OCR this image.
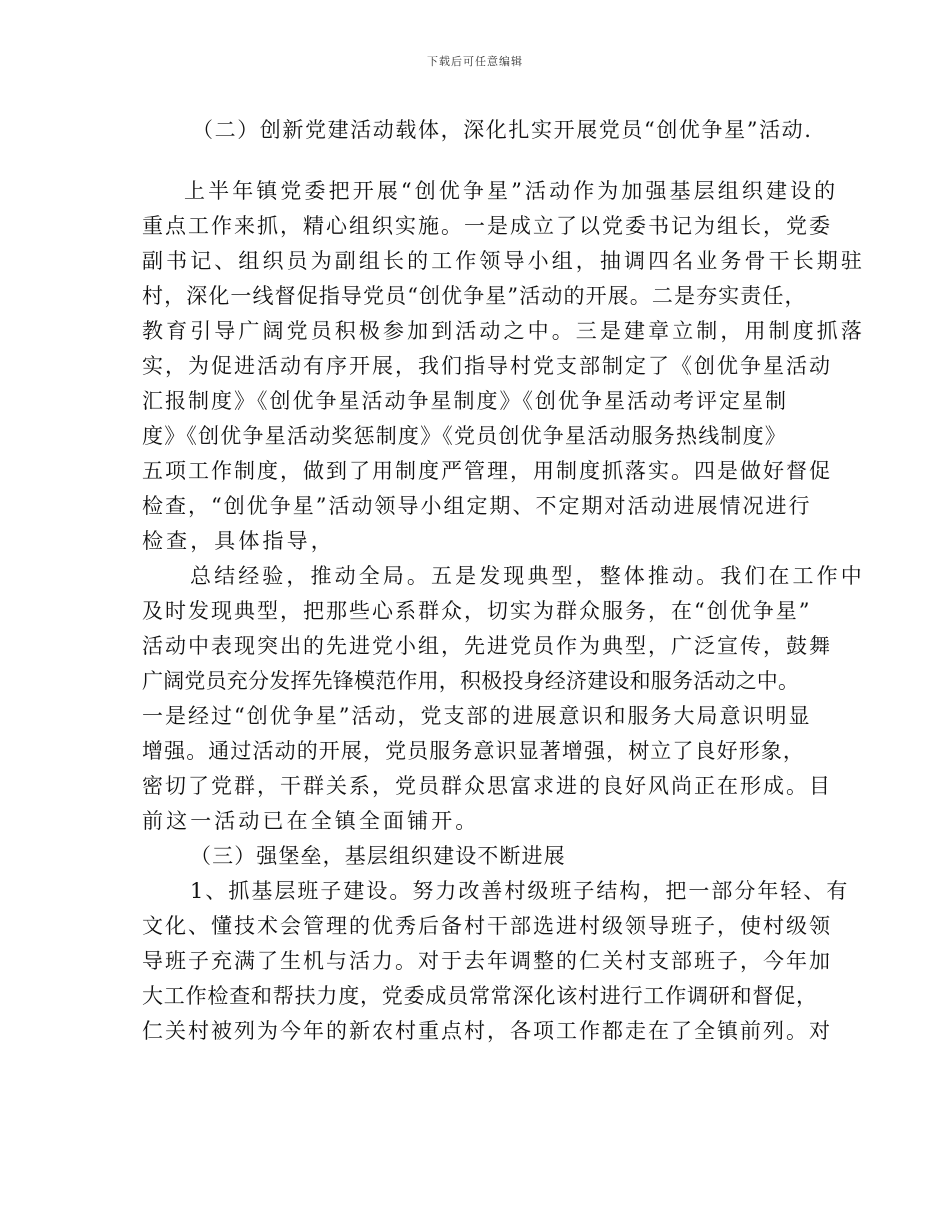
下载后可任意编辑
（二）创新党建活动载体，深化扎实开展党员“创优争星”活动.
上半年镇党委把开展“创优争星”活动作为加强基层组织建设的
重点工作来抓，精心组织实施。一是成立了以党委书记为组长，党委
副书记、组织员为副组长的工作领导小组，抽调四名业务骨干长期驻
村，深化一线督促指导党员“创优争星”活动的开展。二是夯实责任，
教育引导广阔党员积极参加到活动之中。三是建章立制，用制度抓落
实，为促进活动有序开展，我们指导村党支部制定了《创优争星活动
汇报制度》《创优争星活动争星制度》《创优争星活动考评定星制
度》《创优争星活动奖惩制度》《党员创优争星活动服务热线制度》
五项工作制度，做到了用制度严管理，用制度抓落实。四是做好督促
检查，“创优争星”活动领导小组定期、不定期对活动进展情况进行
检查，具体指导，
总结经验，推动全局。五是发现典型，整体推动。我们在工作中
及时发现典型，把那些心系群众，切实为群众服务，在“创优争星”
活动中表现突出的先进党小组，先进党员作为典型，广泛宣传，鼓舞
广阔党员充分发挥先锋模范作用，积极投身经济建设和服务活动之中。
一是经过“创优争星”活动，党支部的进展意识和服务大局意识明显
增强。通过活动的开展，党员服务意识显著增强，树立了良好形象，
密切了党群，干群关系，党员群众思富求进的良好风尚正在形成。目
前这一活动已在全镇全面铺开。
（三）强堡垒，基层组织建设不断进展
1、抓基层班子建设。努力改善村级班子结构，把一部分年轻、有
文化、懂技术会管理的优秀后备村干部选进村级领导班子，使村级领
导班子充满了生机与活力。对于去年调整的仁关村支部班子，今年加
大工作检查和帮扶力度，党委成员常常深化该村进行工作调研和督促，
仁关村被列为今年的新农村重点村，各项工作都走在了全镇前列。对
